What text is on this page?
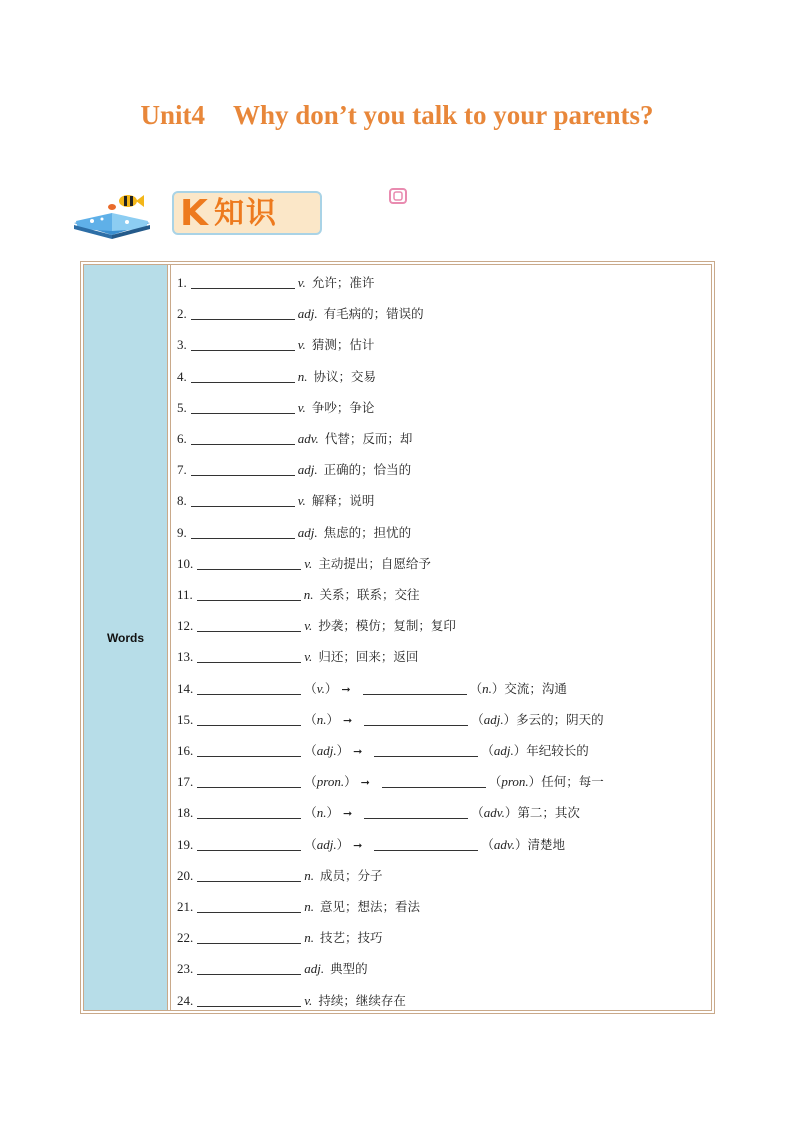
Unit4 Why don’t you talk to your parents?
K 知识
Words
1.	v. 允许；准许
2.	adj. 有毛病的；错误的
3.	v. 猜测；估计
4.	n. 协议；交易
5.	v. 争吵；争论
6.	adv. 代替；反而；却
7.	adj. 正确的；恰当的
8.	v. 解释；说明
9.	adj. 焦虑的；担忧的
10.	v. 主动提出；自愿给予
11.	n. 关系；联系；交往
12.	v. 抄袭；模仿；复制；复印
13.	v. 归还；回来；返回
14.	（v.） ➞	（n.）交流；沟通
15.	（n.） ➞	（adj.）多云的；阴天的
16.	（adj.） ➞	（adj.）年纪较长的
17.	（pron.） ➞	（pron.）任何；每一
18.	（n.） ➞	（adv.）第二；其次
19.	（adj.） ➞	（adv.）清楚地
20.	n. 成员；分子
21.	n. 意见；想法；看法
22.	n. 技艺；技巧
23.	adj. 典型的
24.	v. 持续；继续存在
